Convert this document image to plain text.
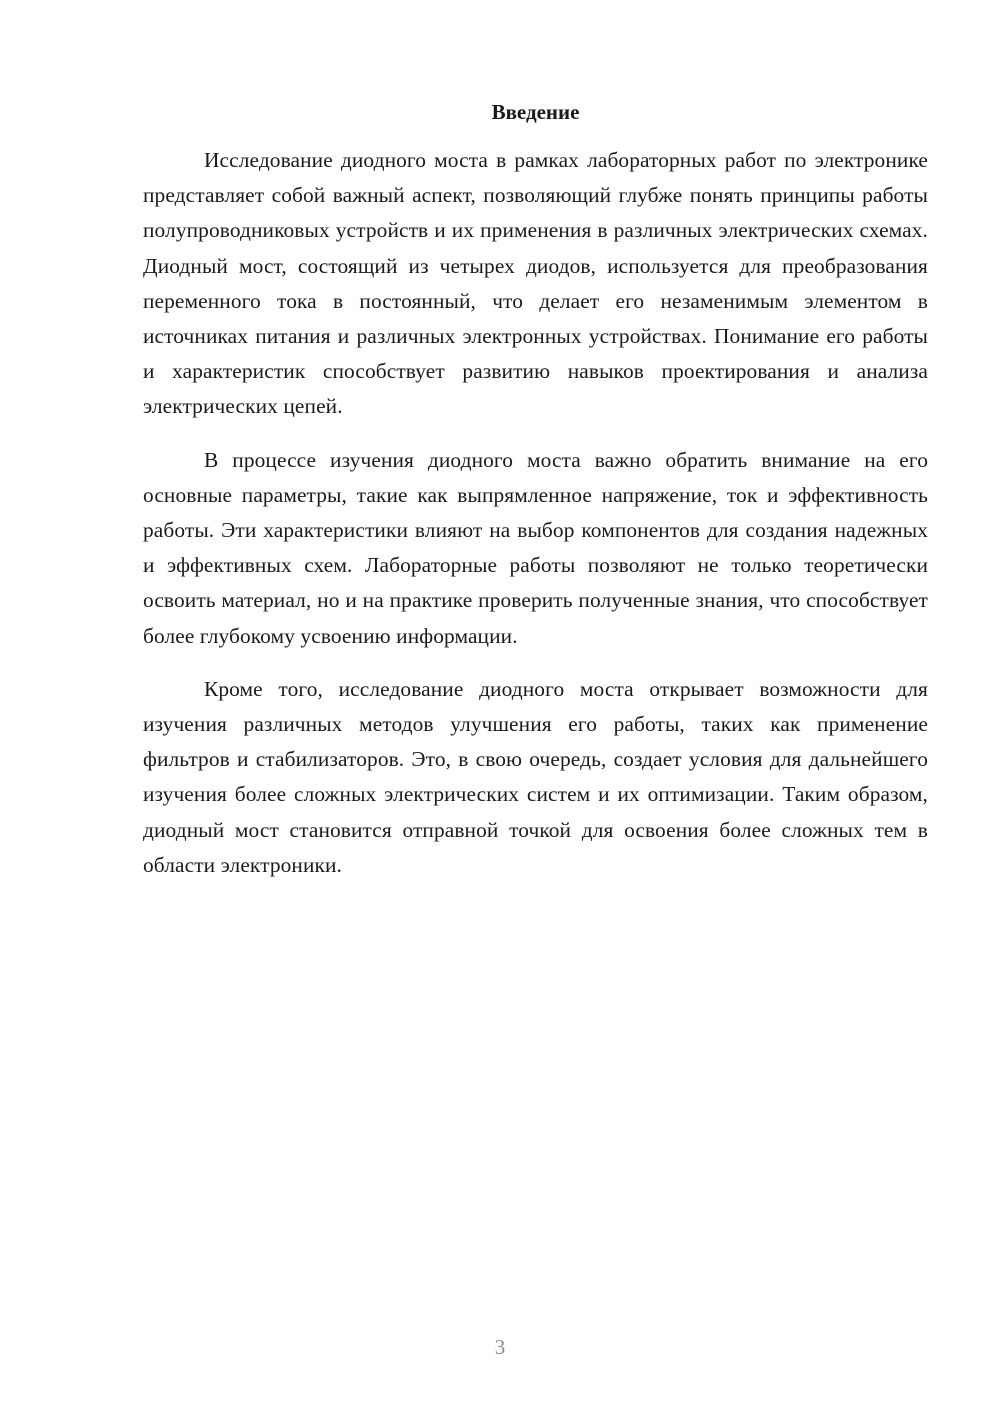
Введение

Исследование диодного моста в рамках лабораторных работ по электронике представляет собой важный аспект, позволяющий глубже понять принципы работы полупроводниковых устройств и их применения в различных электрических схемах. Диодный мост, состоящий из четырех диодов, используется для преобразования переменного тока в постоянный, что делает его незаменимым элементом в источниках питания и различных электронных устройствах. Понимание его работы и характеристик способствует развитию навыков проектирования и анализа электрических цепей.

В процессе изучения диодного моста важно обратить внимание на его основные параметры, такие как выпрямленное напряжение, ток и эффективность работы. Эти характеристики влияют на выбор компонентов для создания надежных и эффективных схем. Лабораторные работы позволяют не только теоретически освоить материал, но и на практике проверить полученные знания, что способствует более глубокому усвоению информации.

Кроме того, исследование диодного моста открывает возможности для изучения различных методов улучшения его работы, таких как применение фильтров и стабилизаторов. Это, в свою очередь, создает условия для дальнейшего изучения более сложных электрических систем и их оптимизации. Таким образом, диодный мост становится отправной точкой для освоения более сложных тем в области электроники.

3
